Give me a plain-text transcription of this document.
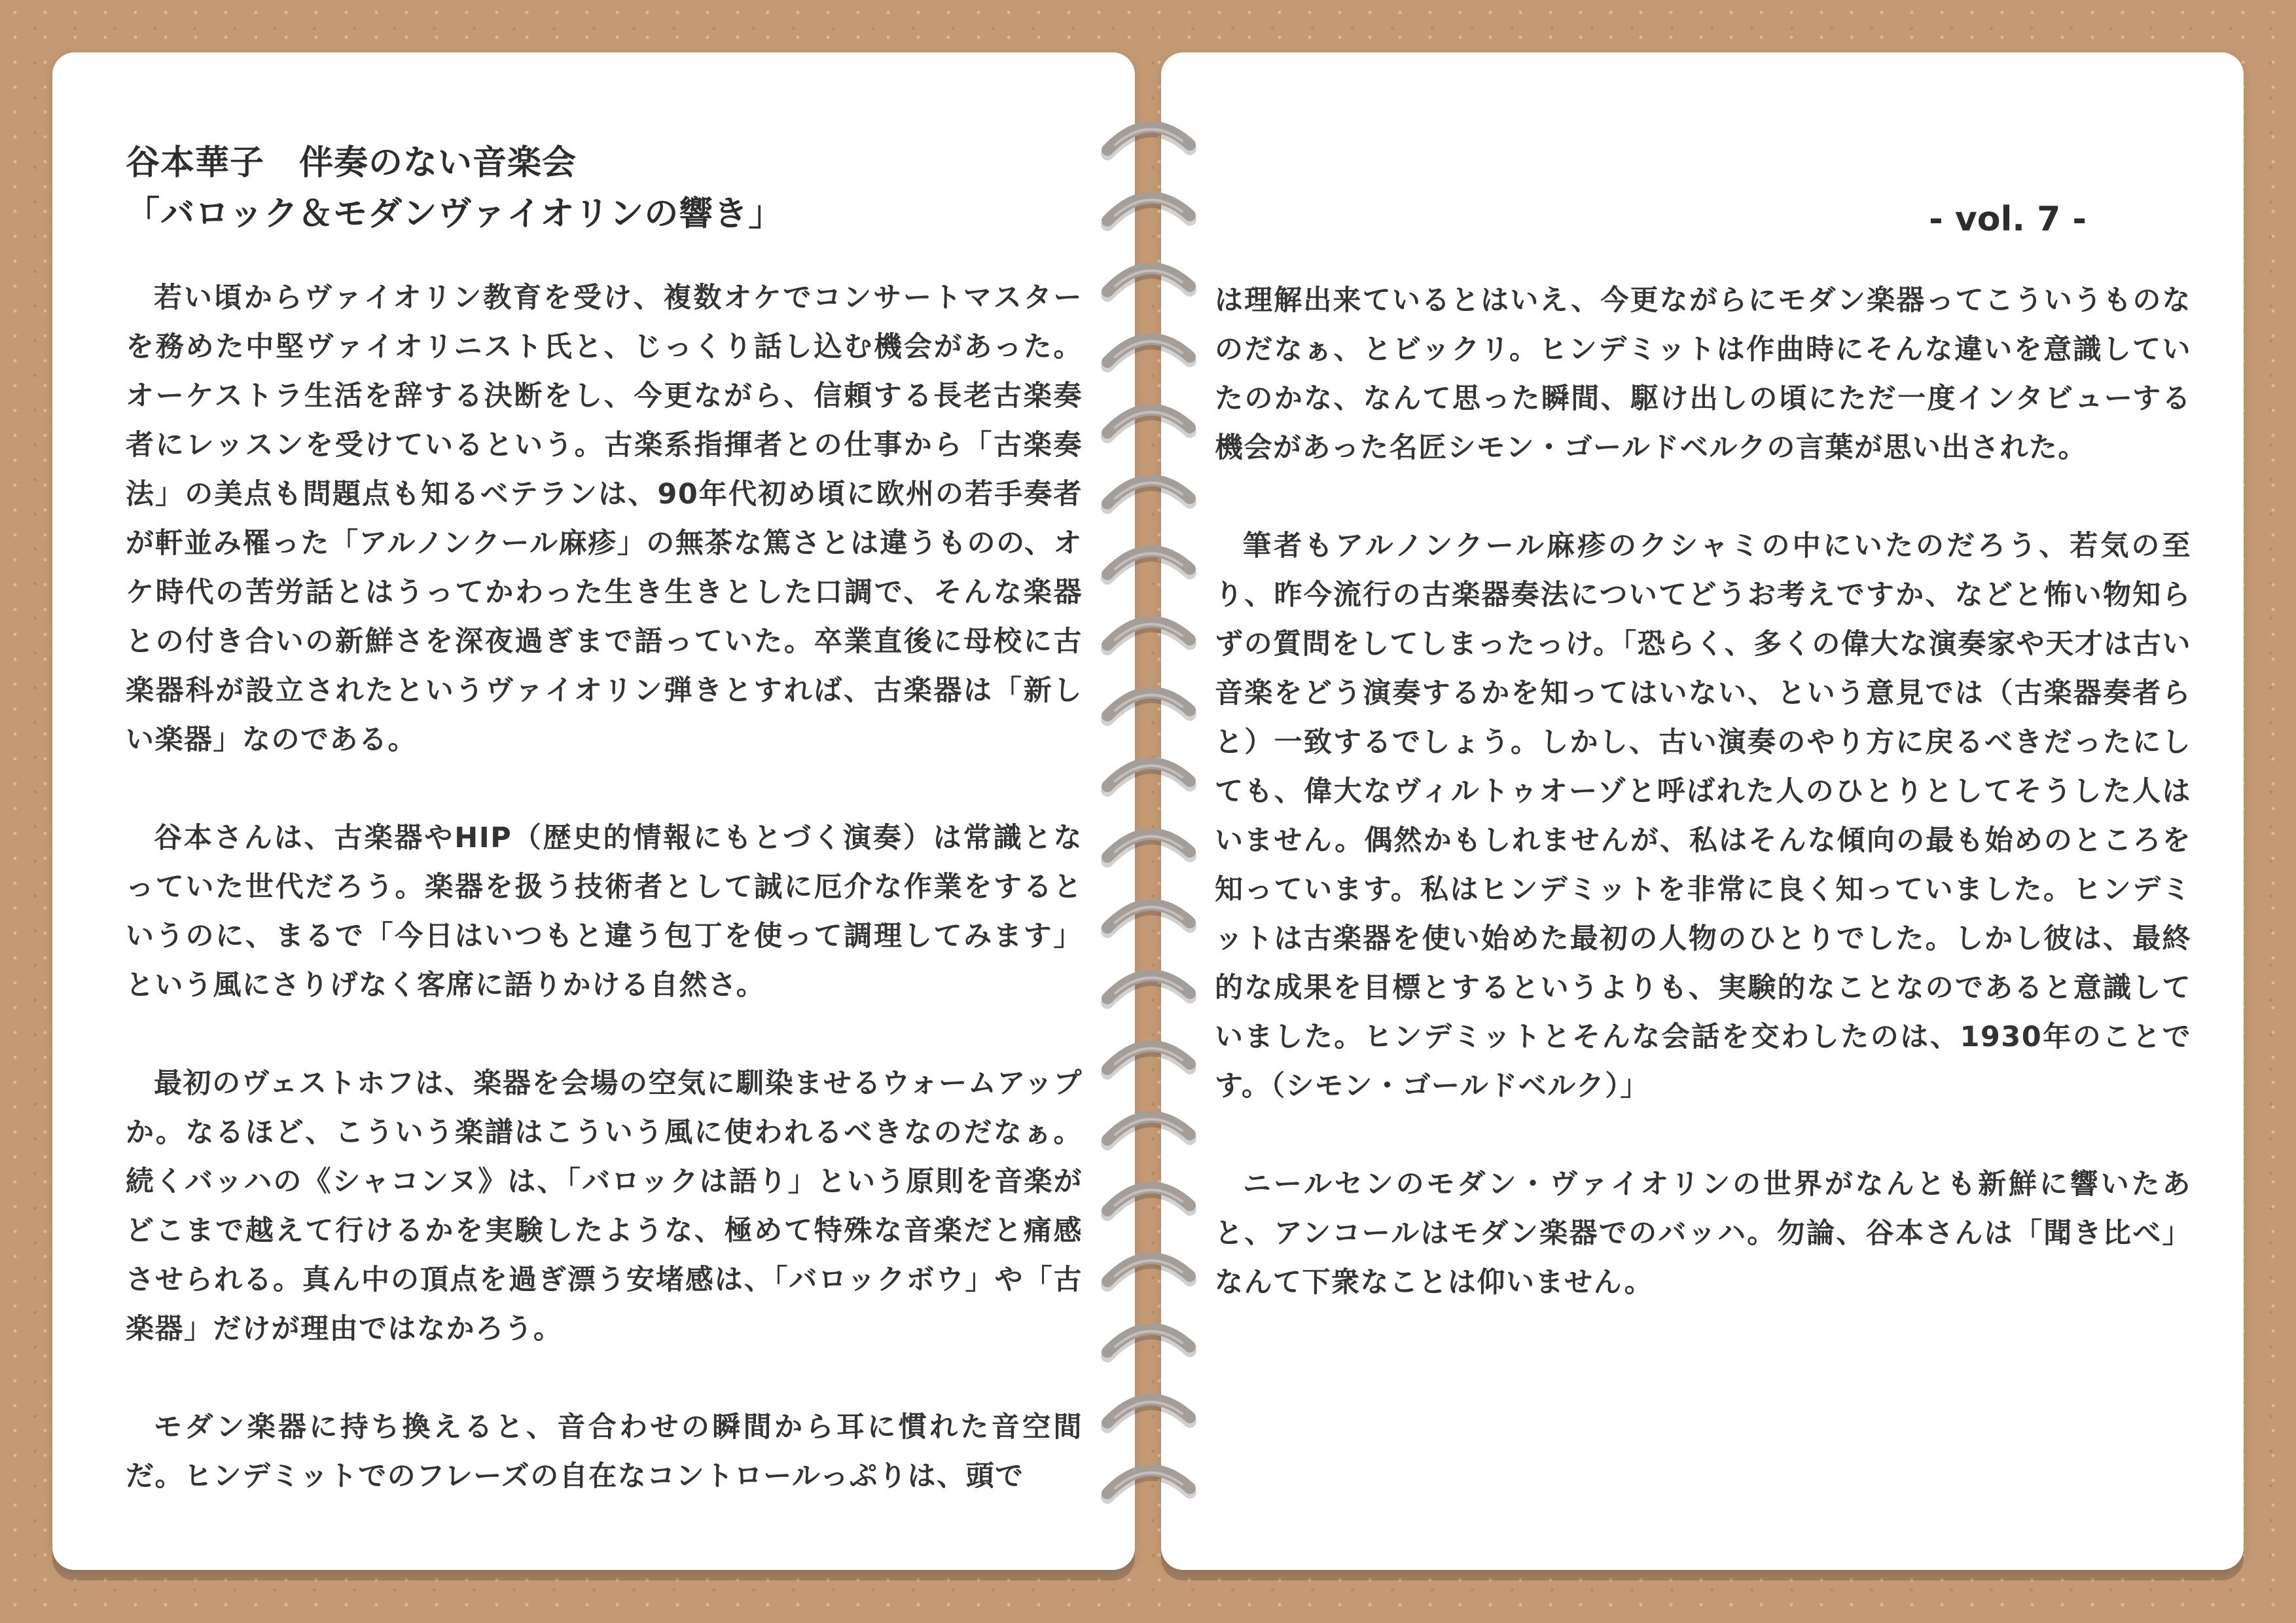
谷本華子　伴奏のない音楽会
「バロック＆モダンヴァイオリンの響き」

若い頃からヴァイオリン教育を受け、複数オケでコンサートマスターを務めた中堅ヴァイオリニスト氏と、じっくり話し込む機会があった。オーケストラ生活を辞する決断をし、今更ながら、信頼する長老古楽奏者にレッスンを受けているという。古楽系指揮者との仕事から「古楽奏法」の美点も問題点も知るベテランは、90年代初め頃に欧州の若手奏者が軒並み罹った「アルノンクール麻疹」の無茶な篤さとは違うものの、オケ時代の苦労話とはうってかわった生き生きとした口調で、そんな楽器との付き合いの新鮮さを深夜過ぎまで語っていた。卒業直後に母校に古楽器科が設立されたというヴァイオリン弾きとすれば、古楽器は「新しい楽器」なのである。

谷本さんは、古楽器やHIP（歴史的情報にもとづく演奏）は常識となっていた世代だろう。楽器を扱う技術者として誠に厄介な作業をするというのに、まるで「今日はいつもと違う包丁を使って調理してみます」という風にさりげなく客席に語りかける自然さ。

最初のヴェストホフは、楽器を会場の空気に馴染ませるウォームアップか。なるほど、こういう楽譜はこういう風に使われるべきなのだなぁ。続くバッハの《シャコンヌ》は、「バロックは語り」という原則を音楽がどこまで越えて行けるかを実験したような、極めて特殊な音楽だと痛感させられる。真ん中の頂点を過ぎ漂う安堵感は、「バロックボウ」や「古楽器」だけが理由ではなかろう。

モダン楽器に持ち換えると、音合わせの瞬間から耳に慣れた音空間だ。ヒンデミットでのフレーズの自在なコントロールっぷりは、頭で

- vol. 7 -

は理解出来ているとはいえ、今更ながらにモダン楽器ってこういうものなのだなぁ、とビックリ。ヒンデミットは作曲時にそんな違いを意識していたのかな、なんて思った瞬間、駆け出しの頃にただ一度インタビューする機会があった名匠シモン・ゴールドベルクの言葉が思い出された。

筆者もアルノンクール麻疹のクシャミの中にいたのだろう、若気の至り、昨今流行の古楽器奏法についてどうお考えですか、などと怖い物知らずの質問をしてしまったっけ。「恐らく、多くの偉大な演奏家や天才は古い音楽をどう演奏するかを知ってはいない、という意見では（古楽器奏者らと）一致するでしょう。しかし、古い演奏のやり方に戻るべきだったにしても、偉大なヴィルトゥオーゾと呼ばれた人のひとりとしてそうした人はいません。偶然かもしれませんが、私はそんな傾向の最も始めのところを知っています。私はヒンデミットを非常に良く知っていました。ヒンデミットは古楽器を使い始めた最初の人物のひとりでした。しかし彼は、最終的な成果を目標とするというよりも、実験的なことなのであると意識していました。ヒンデミットとそんな会話を交わしたのは、1930年のことです。（シモン・ゴールドベルク）」

ニールセンのモダン・ヴァイオリンの世界がなんとも新鮮に響いたあと、アンコールはモダン楽器でのバッハ。勿論、谷本さんは「聞き比べ」なんて下衆なことは仰いません。
